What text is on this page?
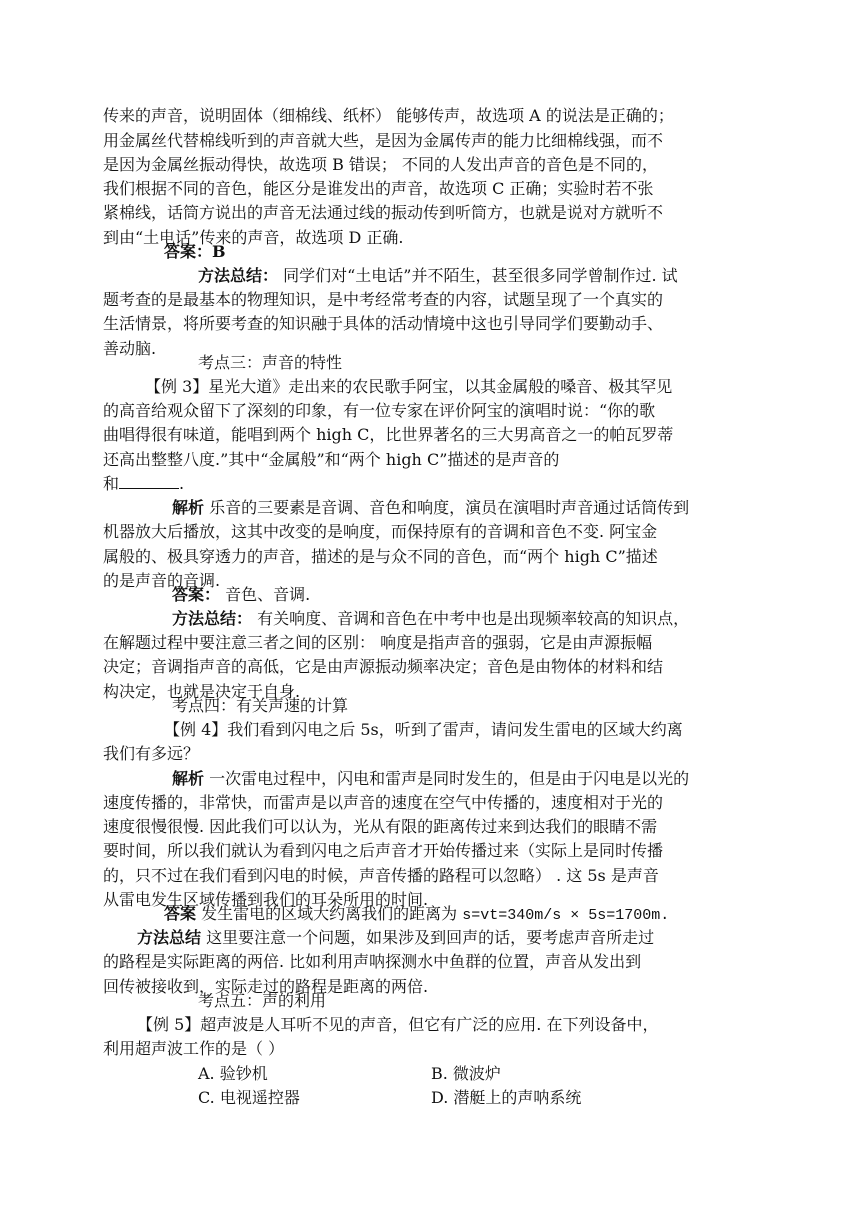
传来的声音，说明固体（细棉线、纸杯） 能够传声，故选项 A 的说法是正确的；
用金属丝代替棉线听到的声音就大些，是因为金属传声的能力比细棉线强，而不
是因为金属丝振动得快，故选项 B 错误； 不同的人发出声音的音色是不同的，
我们根据不同的音色，能区分是谁发出的声音，故选项 C 正确；实验时若不张
紧棉线，话筒方说出的声音无法通过线的振动传到听筒方，也就是说对方就听不
到由“土电话”传来的声音，故选项 D 正确.
答案：B
方法总结： 同学们对“土电话”并不陌生，甚至很多同学曾制作过. 试
题考查的是最基本的物理知识，是中考经常考查的内容，试题呈现了一个真实的
生活情景，将所要考查的知识融于具体的活动情境中这也引导同学们要勤动手、
善动脑.
考点三：声音的特性
【例 3】星光大道》走出来的农民歌手阿宝，以其金属般的嗓音、极其罕见
的高音给观众留下了深刻的印象，有一位专家在评价阿宝的演唱时说：“你的歌
曲唱得很有味道，能唱到两个 high C，比世界著名的三大男高音之一的帕瓦罗蒂
还高出整整八度.”其中“金属般”和“两个 high C”描述的是声音的
和	.
解析 乐音的三要素是音调、音色和响度，演员在演唱时声音通过话筒传到
机器放大后播放，这其中改变的是响度，而保持原有的音调和音色不变. 阿宝金
属般的、极具穿透力的声音，描述的是与众不同的音色，而“两个 high C”描述
的是声音的音调.
答案： 音色、音调.
方法总结： 有关响度、音调和音色在中考中也是出现频率较高的知识点，
在解题过程中要注意三者之间的区别： 响度是指声音的强弱，它是由声源振幅
决定；音调指声音的高低，它是由声源振动频率决定；音色是由物体的材料和结
构决定，也就是决定于自身.
考点四：有关声速的计算
【例 4】我们看到闪电之后 5s，听到了雷声，请问发生雷电的区域大约离
我们有多远？
解析 一次雷电过程中，闪电和雷声是同时发生的，但是由于闪电是以光的
速度传播的，非常快，而雷声是以声音的速度在空气中传播的，速度相对于光的
速度很慢很慢. 因此我们可以认为，光从有限的距离传过来到达我们的眼睛不需
要时间，所以我们就认为看到闪电之后声音才开始传播过来（实际上是同时传播
的，只不过在我们看到闪电的时候，声音传播的路程可以忽略） . 这 5s 是声音
从雷电发生区域传播到我们的耳朵所用的时间.
答案 发生雷电的区域大约离我们的距离为 s=vt=340m/s × 5s=1700m.
方法总结 这里要注意一个问题，如果涉及到回声的话，要考虑声音所走过
的路程是实际距离的两倍. 比如利用声呐探测水中鱼群的位置，声音从发出到
回传被接收到，实际走过的路程是距离的两倍.
考点五：声的利用
【例 5】超声波是人耳听不见的声音，但它有广泛的应用. 在下列设备中，
利用超声波工作的是（ ）
A. 验钞机	B. 微波炉
C. 电视遥控器	D. 潜艇上的声呐系统
